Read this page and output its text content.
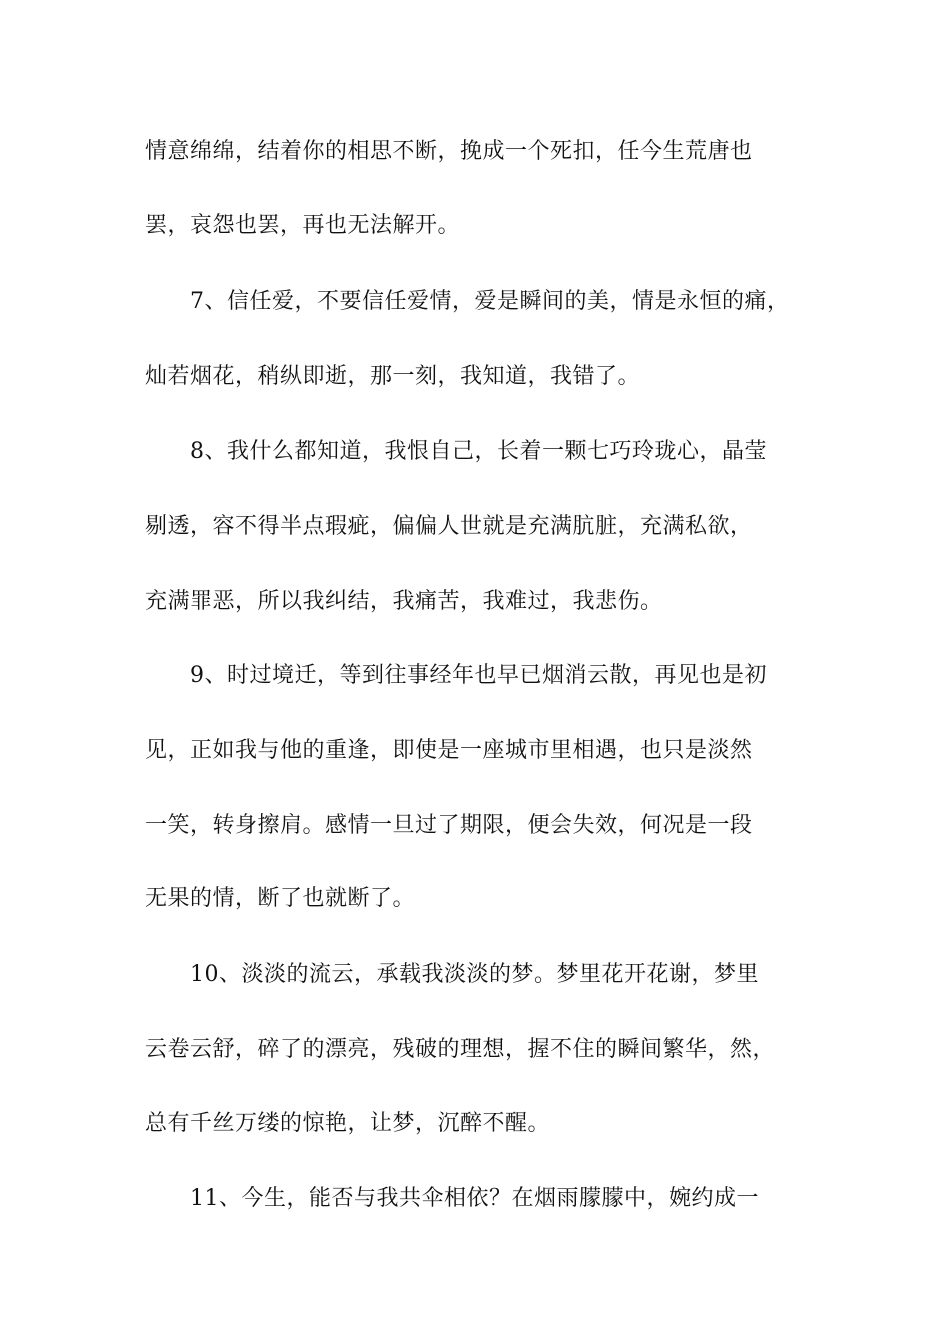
情意绵绵，结着你的相思不断，挽成一个死扣，任今生荒唐也
罢，哀怨也罢，再也无法解开。
7、信任爱，不要信任爱情，爱是瞬间的美，情是永恒的痛，
灿若烟花，稍纵即逝，那一刻，我知道，我错了。
8、我什么都知道，我恨自己，长着一颗七巧玲珑心，晶莹
剔透，容不得半点瑕疵，偏偏人世就是充满肮脏，充满私欲，
充满罪恶，所以我纠结，我痛苦，我难过，我悲伤。
9、时过境迁，等到往事经年也早已烟消云散，再见也是初
见，正如我与他的重逢，即使是一座城市里相遇，也只是淡然
一笑，转身擦肩。感情一旦过了期限，便会失效，何况是一段
无果的情，断了也就断了。
10、淡淡的流云，承载我淡淡的梦。梦里花开花谢，梦里
云卷云舒，碎了的漂亮，残破的理想，握不住的瞬间繁华，然，
总有千丝万缕的惊艳，让梦，沉醉不醒。
11、今生，能否与我共伞相依？在烟雨朦朦中，婉约成一
